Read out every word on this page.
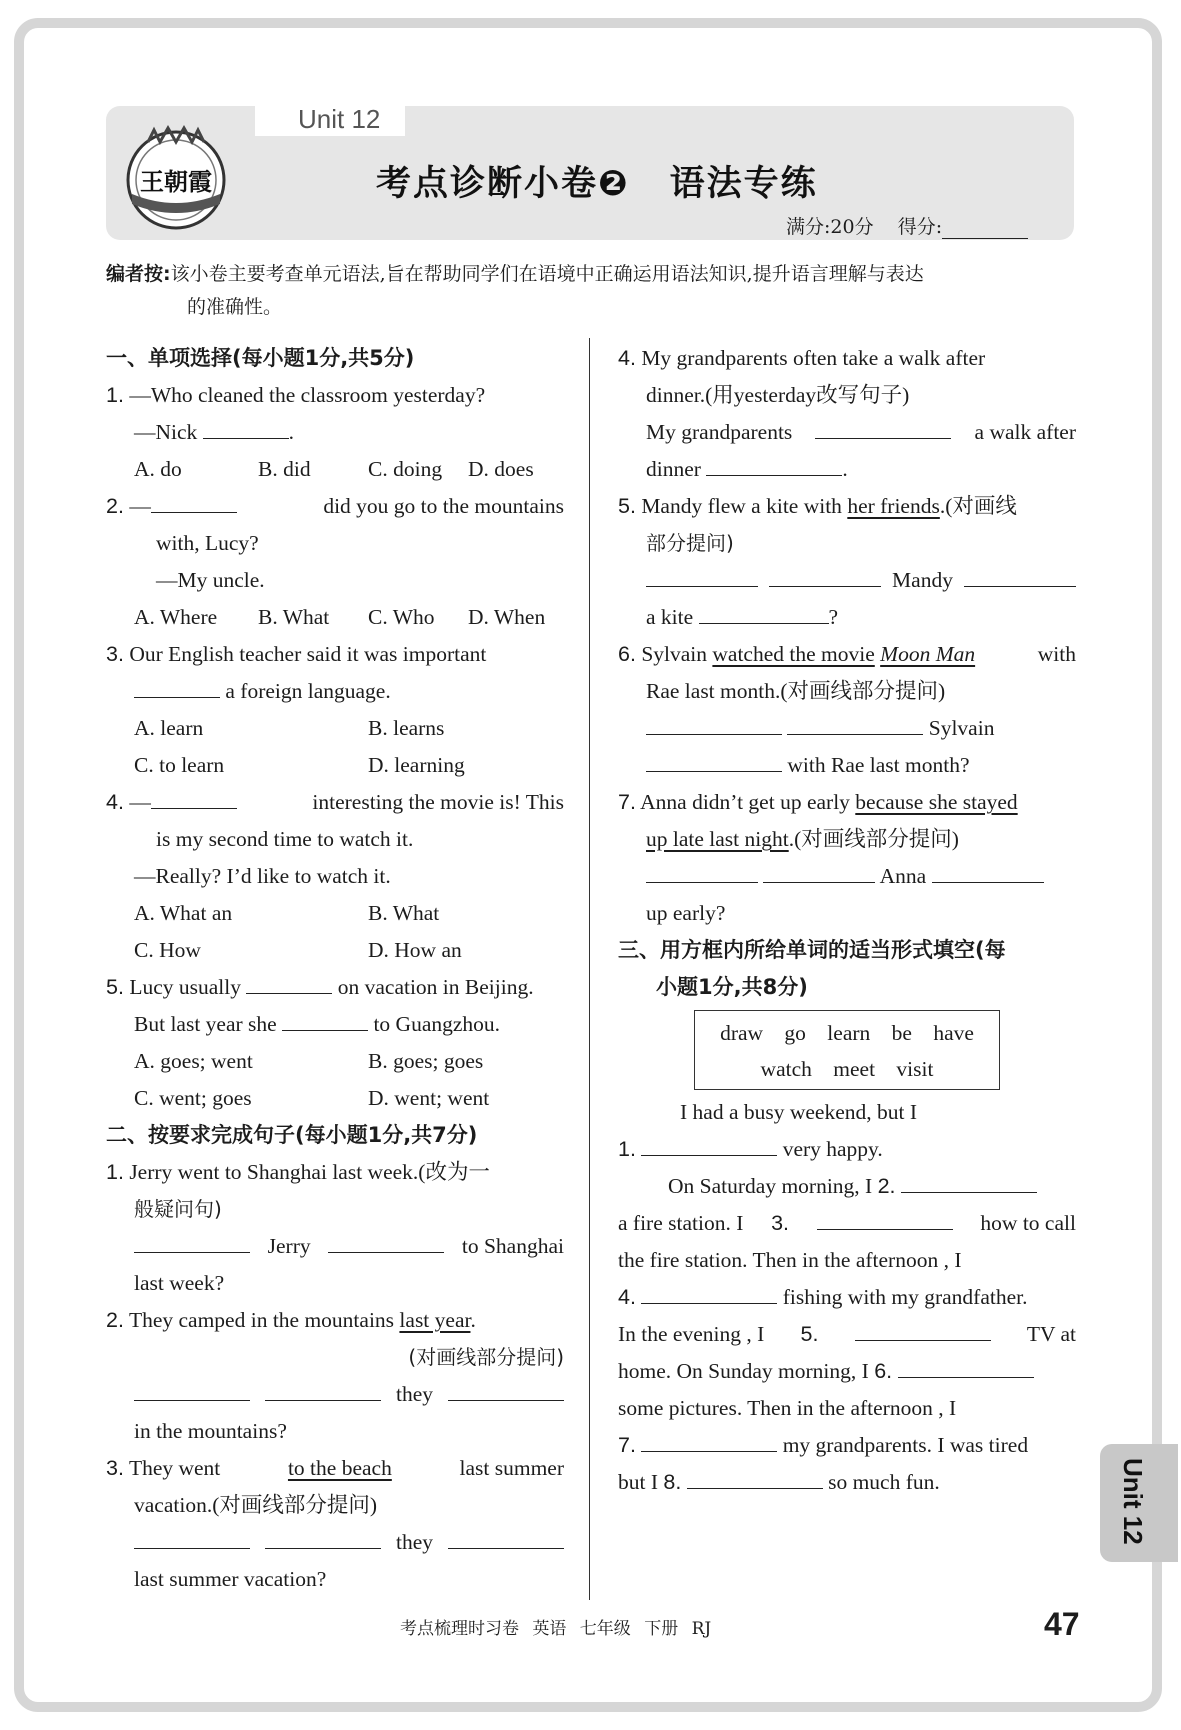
Unit 12
王朝霞	考点诊断小卷❷ 语法专练
满分:20分 得分:
编者按:该小卷主要考查单元语法,旨在帮助同学们在语境中正确运用语法知识,提升语言理解与表达
的准确性。
一、单项选择(每小题1分,共5分)
1. —Who cleaned the classroom yesterday?
—Nick	.
A. do	B. did	C. doing	D. does
2. —	did you go to the mountains
with, Lucy?
—My uncle.
A. Where	B. What	C. Who	D. When
3. Our English teacher said it was important
a foreign language.
A. learn	B. learns
C. to learn	D. learning
4. —	interesting the movie is! This
is my second time to watch it.
—Really? I’d like to watch it.
A. What an	B. What
C. How	D. How an
5. Lucy usually	on vacation in Beijing.
But last year she	to Guangzhou.
A. goes; went	B. goes; goes
C. went; goes	D. went; went
二、按要求完成句子(每小题1分,共7分)
1. Jerry went to Shanghai last week.(改为一
般疑问句)
Jerry	to Shanghai
last week?
2. They camped in the mountains last year.
(对画线部分提问)
they
in the mountains?
3. They went	to the beach	last summer
vacation.(对画线部分提问)
they
last summer vacation?
4. My grandparents often take a walk after
dinner.(用yesterday改写句子)
My grandparents	a walk after
dinner	.
5. Mandy flew a kite with her friends.(对画线
部分提问)
Mandy
a kite	?
6. Sylvain watched the movie Moon Man	with
Rae last month.(对画线部分提问)
Sylvain
with Rae last month?
7. Anna didn’t get up early because she stayed
up late last night.(对画线部分提问)
Anna
up early?
三、用方框内所给单词的适当形式填空(每
小题1分,共8分)
draw go learn be have
watch meet visit
I had a busy weekend, but I
1.	very happy.
On Saturday morning, I 2.
a fire station. I 3.	how to call
the fire station. Then in the afternoon , I
4.	fishing with my grandfather.
In the evening , I 5.	TV at
home. On Sunday morning, I 6.
some pictures. Then in the afternoon , I
7.	my grandparents. I was tired
but I 8.	so much fun.	Unit 12
考点梳理时习卷 英语 七年级 下册 RJ	47
